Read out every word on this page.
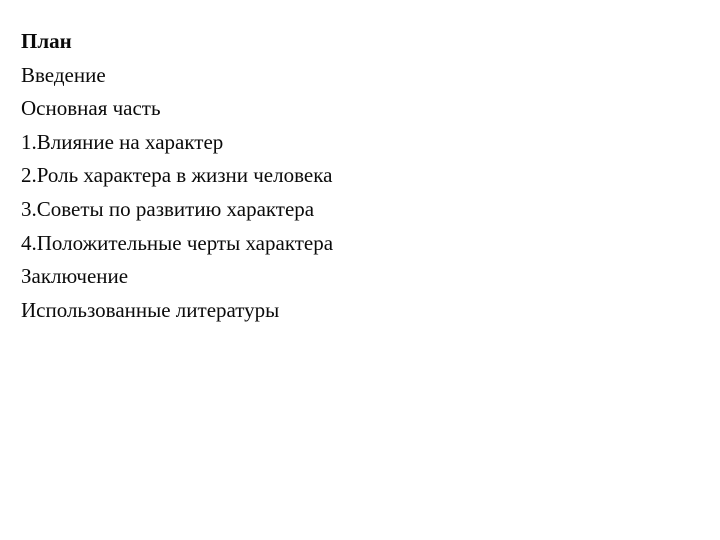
План
Введение
Основная часть
1.Влияние на характер
2.Роль характера в жизни человека
3.Советы по развитию характера
4.Положительные черты характера
Заключение
Использованные литературы
